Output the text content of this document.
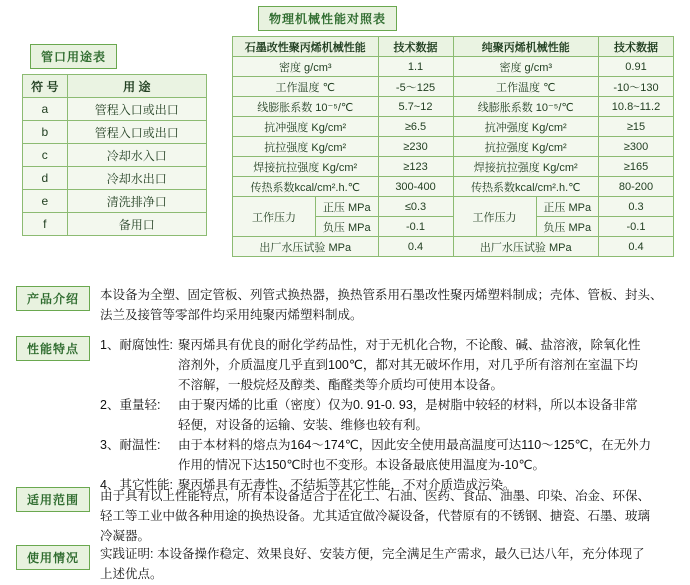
管口用途表
符 号	用 途
a	管程入口或出口
b	管程入口或出口
c	冷却水入口
d	冷却水出口
e	清洗排净口
f	备用口
物理机械性能对照表
石墨改性聚丙烯机械性能		技术数据	纯聚丙烯机械性能		技术数据
密度 g/cm³		1.1	密度 g/cm³		0.91
工作温度 ℃		-5～125	工作温度 ℃		-10～130
线膨胀系数 10⁻⁵/℃		5.7~12	线膨胀系数 10⁻⁵/℃		10.8~11.2
抗冲强度 Kg/cm²		≥6.5	抗冲强度 Kg/cm²		≥15
抗拉强度 Kg/cm²		≥230	抗拉强度 Kg/cm²		≥300
焊接抗拉强度 Kg/cm²		≥123	焊接抗拉强度 Kg/cm²		≥165
传热系数kcal/cm².h.℃		300-400	传热系数kcal/cm².h.℃		80-200
工作压力	正压 MPa	≤0.3	工作压力	正压 MPa	0.3
	负压 MPa	-0.1		负压 MPa	-0.1
出厂水压试验 MPa		0.4	出厂水压试验 MPa		0.4
产品介绍	本设备为全塑、固定管板、列管式换热器，换热管系用石墨改性聚丙烯塑料制成；壳体、管板、封头、

法兰及接管等零部件均采用纯聚丙烯塑料制成。

性能特点	1、耐腐蚀性: 聚丙烯具有优良的耐化学药品性，对于无机化合物，不论酸、碱、盐溶液，除氧化性

溶剂外，介质温度几乎直到100℃，都对其无破坏作用，对几乎所有溶剂在室温下均

不溶解，一般烷烃及醇类、酯醛类等介质均可使用本设备。

2、重量轻:	由于聚丙烯的比重（密度）仅为0. 91-0. 93，是树脂中较轻的材料，所以本设备非常

轻便，对设备的运输、安装、维修也较有利。

3、耐温性:	由于本材料的熔点为164～174℃，因此安全使用最高温度可达110～125℃，在无外力

作用的情况下达150℃时也不变形。本设备最底使用温度为-10℃。

4、其它性能: 聚丙烯具有无毒性、不结垢等其它性能，不对介质造成污染。

适用范围	由于具有以上性能特点，所有本设备适合于在化工、石油、医药、食品、油墨、印染、冶金、环保、

轻工等工业中做各种用途的换热设备。尤其适宜做冷凝设备，代替原有的不锈钢、搪瓷、石墨、玻璃

冷凝器。

使用情况	实践证明: 本设备操作稳定、效果良好、安装方便，完全满足生产需求，最久已达八年，充分体现了

上述优点。
